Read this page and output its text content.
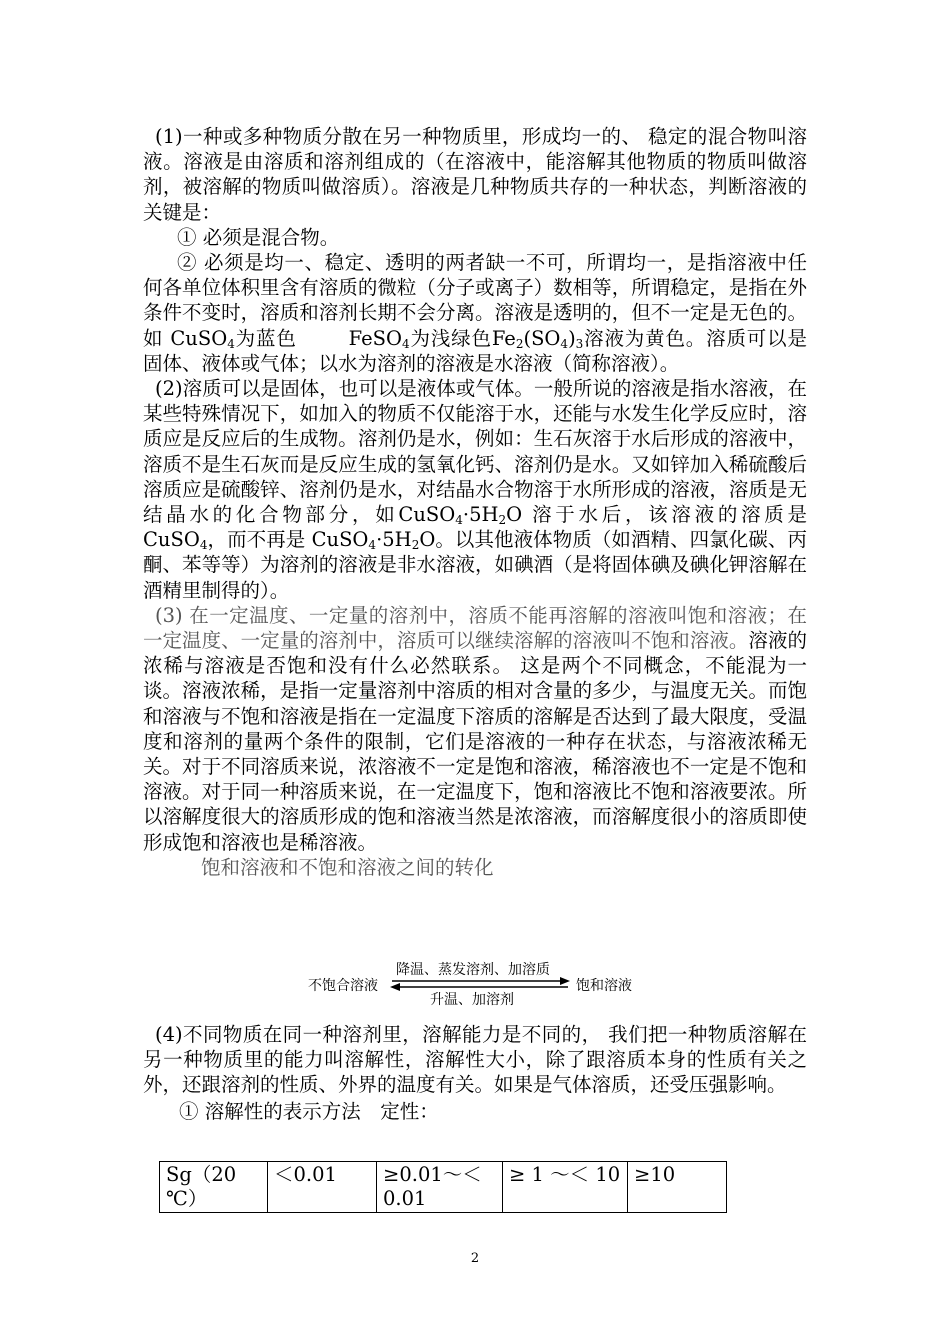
(1)一种或多种物质分散在另一种物质里，形成均一的、 稳定的混合物叫溶液。溶液是由溶质和溶剂组成的（在溶液中，能溶解其他物质的物质叫做溶剂，被溶解的物质叫做溶质）。溶液是几种物质共存的一种状态，判断溶液的关键是：

① 必须是混合物。

② 必须是均一、稳定、透明的两者缺一不可，所谓均一，是指溶液中任何各单位体积里含有溶质的微粒（分子或离子）数相等，所谓稳定，是指在外条件不变时，溶质和溶剂长期不会分离。溶液是透明的，但不一定是无色的。如 CuSO$_4$为蓝色	FeSO$_4$为浅绿色$Fe_2(SO_4)_3$溶液为黄色。溶质可以是固体、液体或气体；以水为溶剂的溶液是水溶液（简称溶液）。

(2)溶质可以是固体，也可以是液体或气体。一般所说的溶液是指水溶液，在某些特殊情况下，如加入的物质不仅能溶于水，还能与水发生化学反应时，溶质应是反应后的生成物。溶剂仍是水，例如：生石灰溶于水后形成的溶液中，溶质不是生石灰而是反应生成的氢氧化钙、溶剂仍是水。又如锌加入稀硫酸后溶质应是硫酸锌、溶剂仍是水，对结晶水合物溶于水所形成的溶液，溶质是无结晶水的化合物部分，如$CuSO_4\cdot 5H_2O$ 溶于水后，该溶液的溶质是 CuSO$_4$，而不再是 $CuSO_4\cdot 5H_2O$。以其他液体物质（如酒精、四氯化碳、丙酮、苯等等）为溶剂的溶液是非水溶液，如碘酒（是将固体碘及碘化钾溶解在酒精里制得的）。

(3) 在一定温度、一定量的溶剂中，溶质不能再溶解的溶液叫饱和溶液；在一定温度、一定量的溶剂中，溶质可以继续溶解的溶液叫不饱和溶液。溶液的浓稀与溶液是否饱和没有什么必然联系。 这是两个不同概念，不能混为一谈。溶液浓稀，是指一定量溶剂中溶质的相对含量的多少，与温度无关。而饱和溶液与不饱和溶液是指在一定温度下溶质的溶解是否达到了最大限度，受温度和溶剂的量两个条件的限制，它们是溶液的一种存在状态，与溶液浓稀无关。对于不同溶质来说，浓溶液不一定是饱和溶液，稀溶液也不一定是不饱和溶液。对于同一种溶质来说，在一定温度下，饱和溶液比不饱和溶液要浓。所以溶解度很大的溶质形成的饱和溶液当然是浓溶液，而溶解度很小的溶质即使形成饱和溶液也是稀溶液。

饱和溶液和不饱和溶液之间的转化

不饱合溶液
降温、蒸发溶剂、加溶质
升温、加溶剂
饱和溶液

(4)不同物质在同一种溶剂里，溶解能力是不同的， 我们把一种物质溶解在另一种物质里的能力叫溶解性，溶解性大小，除了跟溶质本身的性质有关之外，还跟溶剂的性质、外界的温度有关。如果是气体溶质，还受压强影响。

① 溶解性的表示方法　定性：

Sg（20 ℃）	＜0.01	≥0.01～＜0.01	≥ 1 ～＜ 10	≥10
2
